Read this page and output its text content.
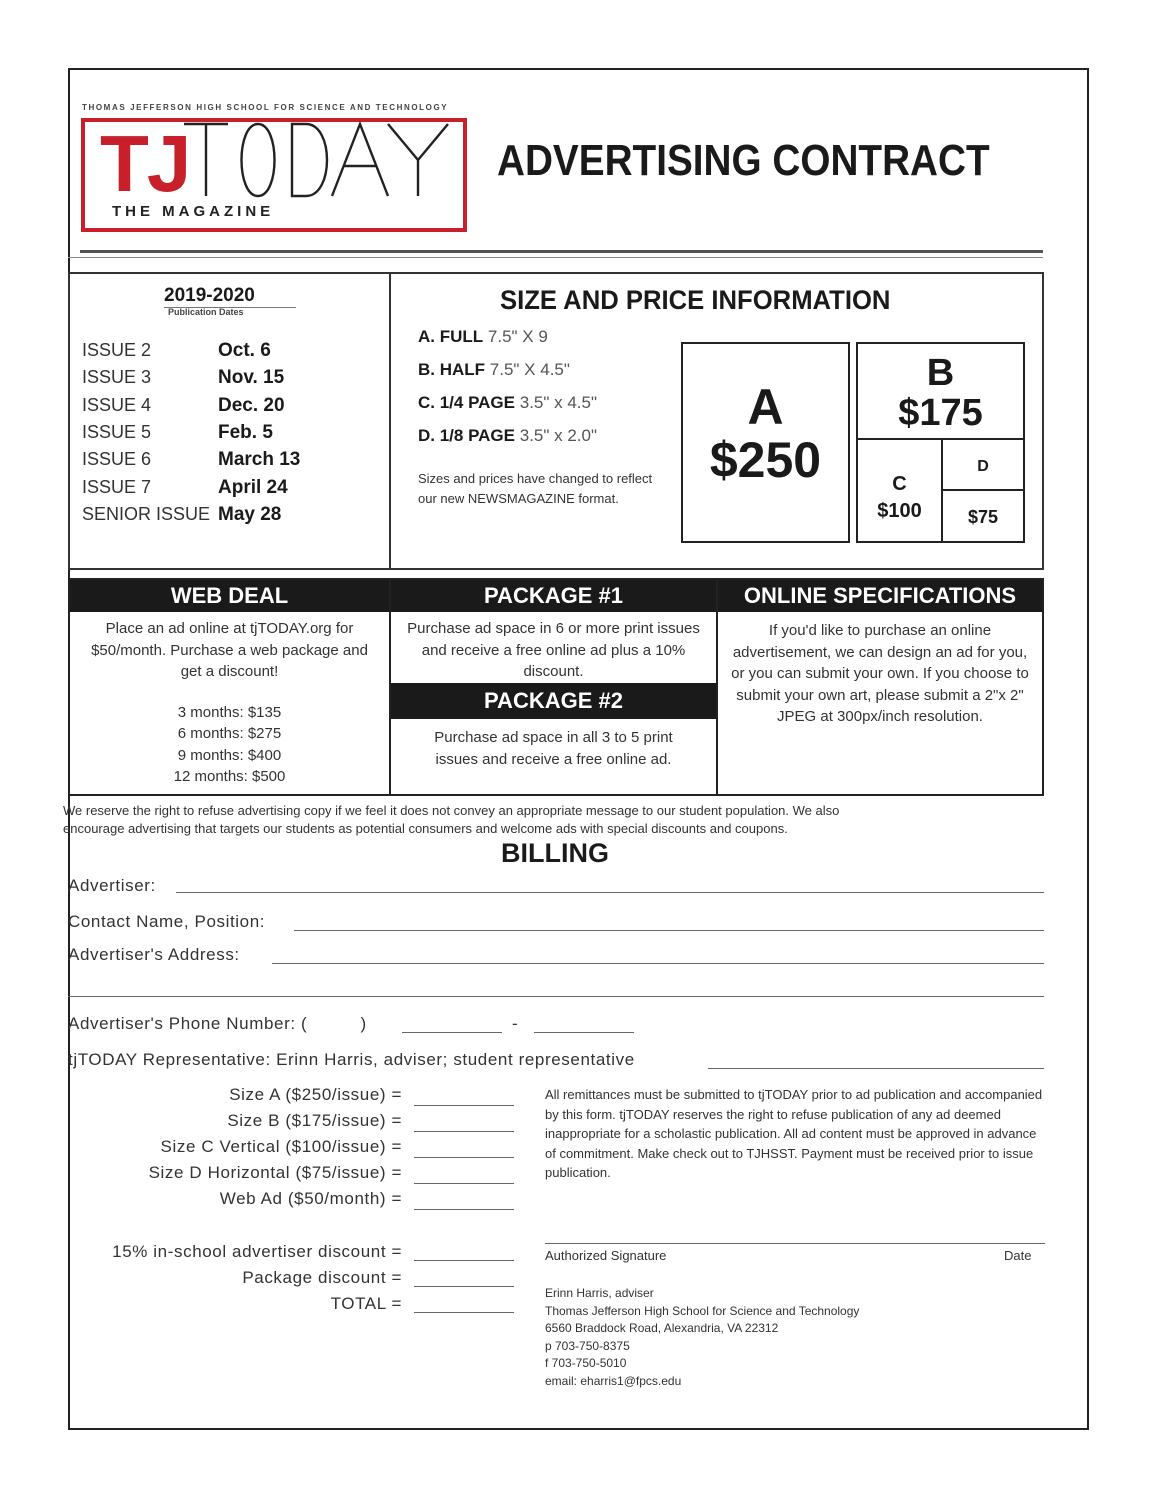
THOMAS JEFFERSON HIGH SCHOOL FOR SCIENCE AND TECHNOLOGY
TJ
THE MAGAZINE
ADVERTISING CONTRACT
2019-2020
Publication Dates
ISSUE 2	Oct. 6
ISSUE 3	Nov. 15
ISSUE 4	Dec. 20
ISSUE 5	Feb. 5
ISSUE 6	March 13
ISSUE 7	April 24
SENIOR ISSUE May 28
SIZE AND PRICE INFORMATION
A. FULL 7.5" X 9
B. HALF 7.5" X 4.5"
C. 1/4 PAGE 3.5" x 4.5"
D. 1/8 PAGE 3.5" x 2.0"
Sizes and prices have changed to reflect our new NEWSMAGAZINE format.
A
$250
B
$175
C
$100
D
$75
WEB DEAL
Place an ad online at tjTODAY.org for $50/month. Purchase a web package and get a discount!
3 months: $135
6 months: $275
9 months: $400
12 months: $500
PACKAGE #1
Purchase ad space in 6 or more print issues and receive a free online ad plus a 10% discount.
PACKAGE #2
Purchase ad space in all 3 to 5 print issues and receive a free online ad.
ONLINE SPECIFICATIONS
If you'd like to purchase an online advertisement, we can design an ad for you, or you can submit your own. If you choose to submit your own art, please submit a 2"x 2" JPEG at 300px/inch resolution.
We reserve the right to refuse advertising copy if we feel it does not convey an appropriate message to our student population. We also
encourage advertising that targets our students as potential consumers and welcome ads with special discounts and coupons.
BILLING
Advertiser:
Contact Name, Position:
Advertiser's Address:
Advertiser's Phone Number: (          )	-
tjTODAY Representative: Erinn Harris, adviser; student representative
Size A ($250/issue) =
Size B ($175/issue) =
Size C Vertical ($100/issue) =
Size D Horizontal ($75/issue) =
Web Ad ($50/month) =
15% in-school advertiser discount =
Package discount =
TOTAL =
All remittances must be submitted to tjTODAY prior to ad publication and accompanied by this form. tjTODAY reserves the right to refuse publication of any ad deemed inappropriate for a scholastic publication. All ad content must be approved in advance of commitment. Make check out to TJHSST. Payment must be received prior to issue publication.
Authorized Signature	Date
Erinn Harris, adviser
Thomas Jefferson High School for Science and Technology
6560 Braddock Road, Alexandria, VA 22312
p 703-750-8375
f 703-750-5010
email: eharris1@fpcs.edu
